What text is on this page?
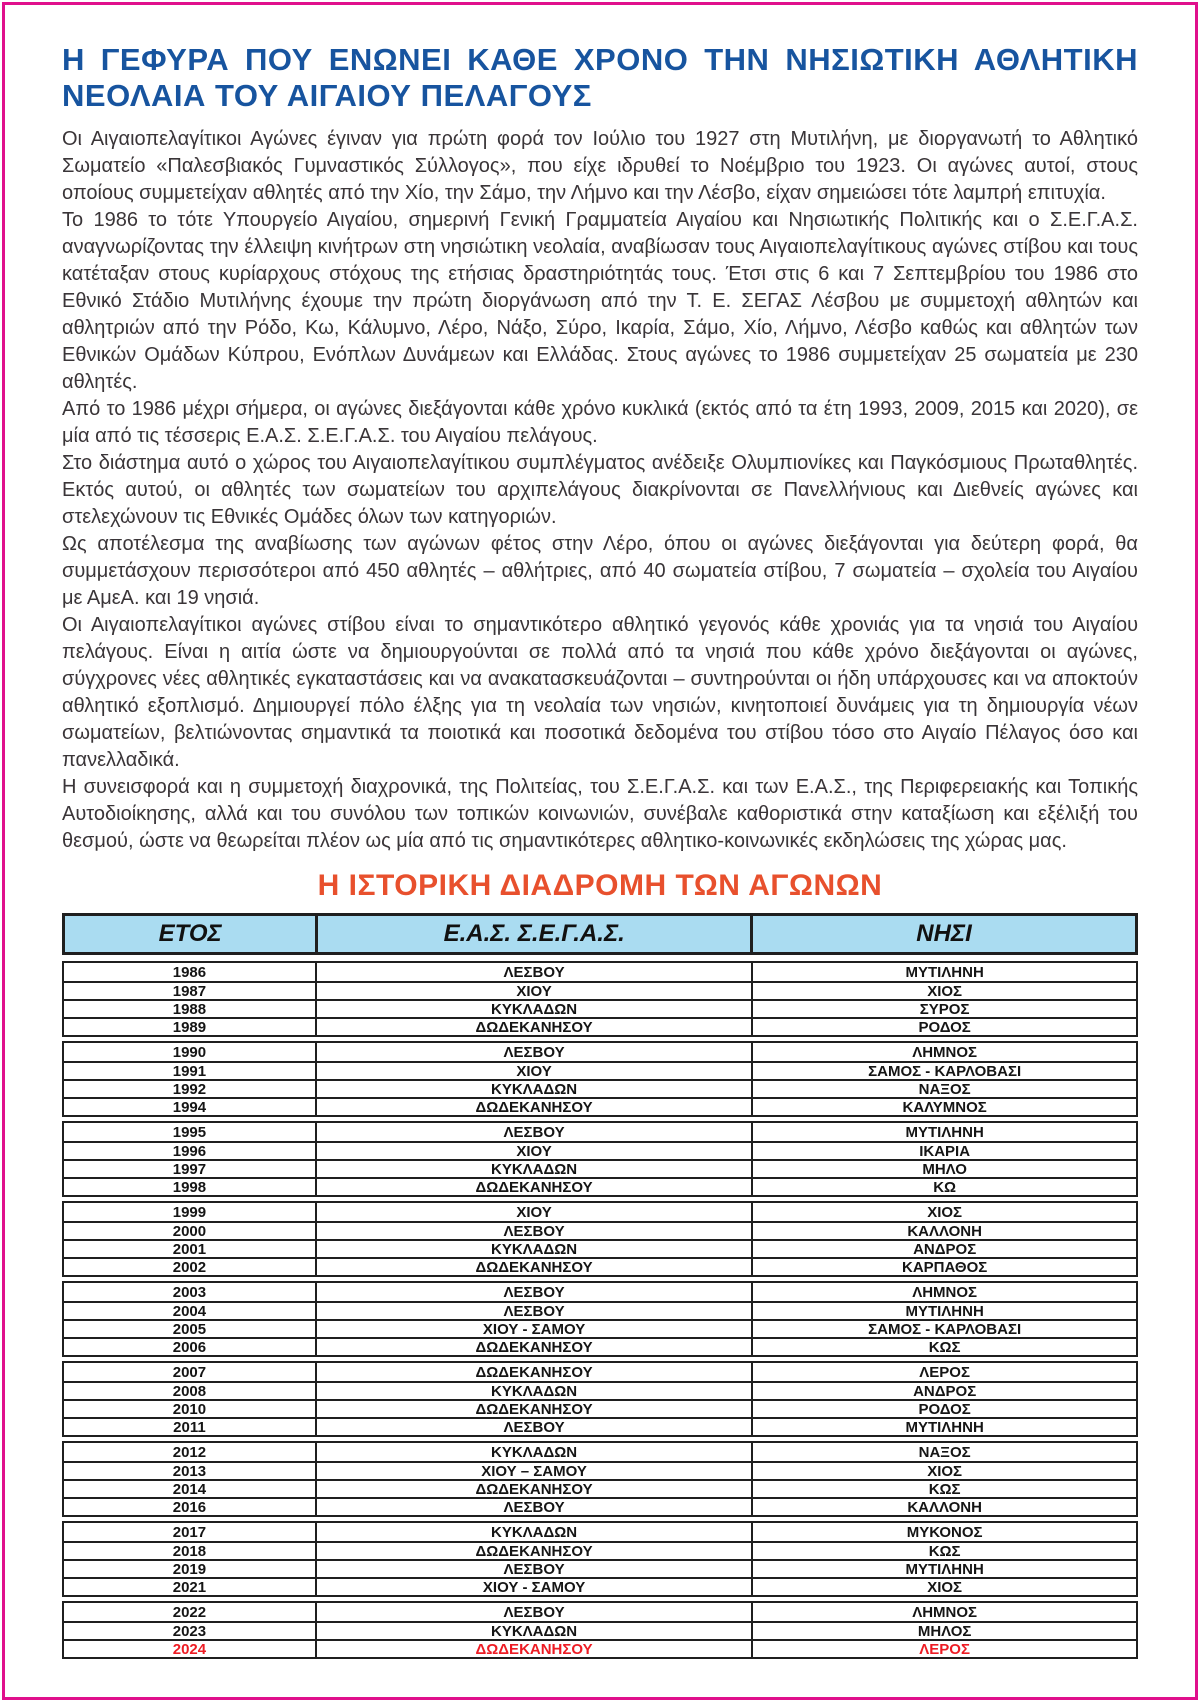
Η ΓΕΦΥΡΑ ΠΟΥ ΕΝΩΝΕΙ ΚΑΘΕ ΧΡΟΝΟ ΤΗΝ ΝΗΣΙΩΤΙΚΗ ΑΘΛΗΤΙΚΗ
ΝΕΟΛΑΙΑ ΤΟΥ ΑΙΓΑΙΟΥ ΠΕΛΑΓΟΥΣ

Οι Αιγαιοπελαγίτικοι Αγώνες έγιναν για πρώτη φορά τον Ιούλιο του 1927 στη Μυτιλήνη, με διοργανωτή το Αθλητικό Σωματείο «Παλεσβιακός Γυμναστικός Σύλλογος», που είχε ιδρυθεί το Νοέμβριο του 1923. Οι αγώνες αυτοί, στους οποίους συμμετείχαν αθλητές από την Χίο, την Σάμο, την Λήμνο και την Λέσβο, είχαν σημειώσει τότε λαμπρή επιτυχία.

Το 1986 το τότε Υπουργείο Αιγαίου, σημερινή Γενική Γραμματεία Αιγαίου και Νησιωτικής Πολιτικής και ο Σ.Ε.Γ.Α.Σ. αναγνωρίζοντας την έλλειψη κινήτρων στη νησιώτικη νεολαία, αναβίωσαν τους Αιγαιοπελαγίτικους αγώνες στίβου και τους κατέταξαν στους κυρίαρχους στόχους της ετήσιας δραστηριότητάς τους. Έτσι στις 6 και 7 Σεπτεμβρίου του 1986 στο Εθνικό Στάδιο Μυτιλήνης έχουμε την πρώτη διοργάνωση από την Τ. Ε. ΣΕΓΑΣ Λέσβου με συμμετοχή αθλητών και αθλητριών από την Ρόδο, Κω, Κάλυμνο, Λέρο, Νάξο, Σύρο, Ικαρία, Σάμο, Χίο, Λήμνο, Λέσβο καθώς και αθλητών των Εθνικών Ομάδων Κύπρου, Ενόπλων Δυνάμεων και Ελλάδας. Στους αγώνες το 1986 συμμετείχαν 25 σωματεία με 230 αθλητές.

Από το 1986 μέχρι σήμερα, οι αγώνες διεξάγονται κάθε χρόνο κυκλικά (εκτός από τα έτη 1993, 2009, 2015 και 2020), σε μία από τις τέσσερις Ε.Α.Σ. Σ.Ε.Γ.Α.Σ. του Αιγαίου πελάγους.

Στο διάστημα αυτό ο χώρος του Αιγαιοπελαγίτικου συμπλέγματος ανέδειξε Ολυμπιονίκες και Παγκόσμιους Πρωταθλητές. Εκτός αυτού, οι αθλητές των σωματείων του αρχιπελάγους διακρίνονται σε Πανελλήνιους και Διεθνείς αγώνες και στελεχώνουν τις Εθνικές Ομάδες όλων των κατηγοριών.

Ως αποτέλεσμα της αναβίωσης των αγώνων φέτος στην Λέρο, όπου οι αγώνες διεξάγονται για δεύτερη φορά, θα συμμετάσχουν περισσότεροι από 450 αθλητές – αθλήτριες, από 40 σωματεία στίβου, 7 σωματεία – σχολεία του Αιγαίου με ΑμεΑ. και 19 νησιά.

Οι Αιγαιοπελαγίτικοι αγώνες στίβου είναι το σημαντικότερο αθλητικό γεγονός κάθε χρονιάς για τα νησιά του Αιγαίου πελάγους. Είναι η αιτία ώστε να δημιουργούνται σε πολλά από τα νησιά που κάθε χρόνο διεξάγονται οι αγώνες, σύγχρονες νέες αθλητικές εγκαταστάσεις και να ανακατασκευάζονται – συντηρούνται οι ήδη υπάρχουσες και να αποκτούν αθλητικό εξοπλισμό. Δημιουργεί πόλο έλξης για τη νεολαία των νησιών, κινητοποιεί δυνάμεις για τη δημιουργία νέων σωματείων, βελτιώνοντας σημαντικά τα ποιοτικά και ποσοτικά δεδομένα του στίβου τόσο στο Αιγαίο Πέλαγος όσο και πανελλαδικά.

Η συνεισφορά και η συμμετοχή διαχρονικά, της Πολιτείας, του Σ.Ε.Γ.Α.Σ. και των Ε.Α.Σ., της Περιφερειακής και Τοπικής Αυτοδιοίκησης, αλλά και του συνόλου των τοπικών κοινωνιών, συνέβαλε καθοριστικά στην καταξίωση και εξέλιξή του θεσμού, ώστε να θεωρείται πλέον ως μία από τις σημαντικότερες αθλητικο-κοινωνικές εκδηλώσεις της χώρας μας.

Η ΙΣΤΟΡΙΚΗ ΔΙΑΔΡΟΜΗ ΤΩΝ ΑΓΩΝΩΝ
ΕΤΟΣ	Ε.Α.Σ. Σ.Ε.Γ.Α.Σ.	ΝΗΣΙ
1986	ΛΕΣΒΟΥ	ΜΥΤΙΛΗΝΗ
1987	ΧΙΟΥ	ΧΙΟΣ
1988	ΚΥΚΛΑΔΩΝ	ΣΥΡΟΣ
1989	ΔΩΔΕΚΑΝΗΣΟΥ	ΡΟΔΟΣ
1990	ΛΕΣΒΟΥ	ΛΗΜΝΟΣ
1991	ΧΙΟΥ	ΣΑΜΟΣ - ΚΑΡΛΟΒΑΣΙ
1992	ΚΥΚΛΑΔΩΝ	ΝΑΞΟΣ
1994	ΔΩΔΕΚΑΝΗΣΟΥ	ΚΑΛΥΜΝΟΣ
1995	ΛΕΣΒΟΥ	ΜΥΤΙΛΗΝΗ
1996	ΧΙΟΥ	ΙΚΑΡΙΑ
1997	ΚΥΚΛΑΔΩΝ	ΜΗΛΟ
1998	ΔΩΔΕΚΑΝΗΣΟΥ	ΚΩ
1999	ΧΙΟΥ	ΧΙΟΣ
2000	ΛΕΣΒΟΥ	ΚΑΛΛΟΝΗ
2001	ΚΥΚΛΑΔΩΝ	ΑΝΔΡΟΣ
2002	ΔΩΔΕΚΑΝΗΣΟΥ	ΚΑΡΠΑΘΟΣ
2003	ΛΕΣΒΟΥ	ΛΗΜΝΟΣ
2004	ΛΕΣΒΟΥ	ΜΥΤΙΛΗΝΗ
2005	ΧΙΟΥ - ΣΑΜΟΥ	ΣΑΜΟΣ - ΚΑΡΛΟΒΑΣΙ
2006	ΔΩΔΕΚΑΝΗΣΟΥ	ΚΩΣ
2007	ΔΩΔΕΚΑΝΗΣΟΥ	ΛΕΡΟΣ
2008	ΚΥΚΛΑΔΩΝ	ΑΝΔΡΟΣ
2010	ΔΩΔΕΚΑΝΗΣΟΥ	ΡΟΔΟΣ
2011	ΛΕΣΒΟΥ	ΜΥΤΙΛΗΝΗ
2012	ΚΥΚΛΑΔΩΝ	ΝΑΞΟΣ
2013	ΧΙΟΥ – ΣΑΜΟΥ	ΧΙΟΣ
2014	ΔΩΔΕΚΑΝΗΣΟΥ	ΚΩΣ
2016	ΛΕΣΒΟΥ	ΚΑΛΛΟΝΗ
2017	ΚΥΚΛΑΔΩΝ	ΜΥΚΟΝΟΣ
2018	ΔΩΔΕΚΑΝΗΣΟΥ	ΚΩΣ
2019	ΛΕΣΒΟΥ	ΜΥΤΙΛΗΝΗ
2021	ΧΙΟΥ - ΣΑΜΟΥ	ΧΙΟΣ
2022	ΛΕΣΒΟΥ	ΛΗΜΝΟΣ
2023	ΚΥΚΛΑΔΩΝ	ΜΗΛΟΣ
2024	ΔΩΔΕΚΑΝΗΣΟΥ	ΛΕΡΟΣ
